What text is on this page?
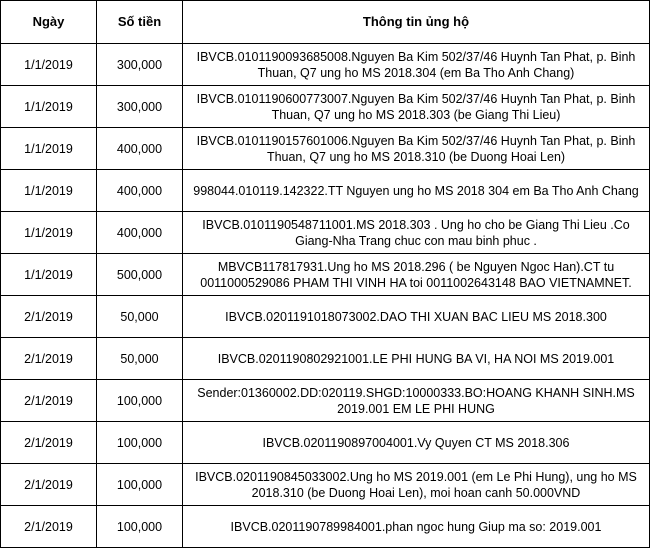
Ngày	Số tiền	Thông tin ủng hộ
1/1/2019	300,000	IBVCB.0101190093685008.Nguyen Ba Kim 502/37/46 Huynh Tan Phat, p. Binh Thuan, Q7 ung ho MS 2018.304 (em Ba Tho Anh Chang)
1/1/2019	300,000	IBVCB.0101190600773007.Nguyen Ba Kim 502/37/46 Huynh Tan Phat, p. Binh Thuan, Q7 ung ho MS 2018.303 (be Giang Thi Lieu)
1/1/2019	400,000	IBVCB.0101190157601006.Nguyen Ba Kim 502/37/46 Huynh Tan Phat, p. Binh Thuan, Q7 ung ho MS 2018.310 (be Duong Hoai Len)
1/1/2019	400,000	998044.010119.142322.TT Nguyen ung ho MS 2018 304 em Ba Tho Anh Chang
1/1/2019	400,000	IBVCB.0101190548711001.MS 2018.303 . Ung ho cho be Giang Thi Lieu .Co Giang-Nha Trang chuc con mau binh phuc .
1/1/2019	500,000	MBVCB117817931.Ung ho MS 2018.296 ( be Nguyen Ngoc Han).CT tu 0011000529086 PHAM THI VINH HA toi 0011002643148 BAO VIETNAMNET.
2/1/2019	50,000	IBVCB.0201191018073002.DAO THI XUAN BAC LIEU MS 2018.300
2/1/2019	50,000	IBVCB.0201190802921001.LE PHI HUNG BA VI, HA NOI MS 2019.001
2/1/2019	100,000	Sender:01360002.DD:020119.SHGD:10000333.BO:HOANG KHANH SINH.MS 2019.001 EM LE PHI HUNG
2/1/2019	100,000	IBVCB.0201190897004001.Vy Quyen CT MS 2018.306
2/1/2019	100,000	IBVCB.0201190845033002.Ung ho MS 2019.001 (em Le Phi Hung), ung ho MS 2018.310 (be Duong Hoai Len), moi hoan canh 50.000VND
2/1/2019	100,000	IBVCB.0201190789984001.phan ngoc hung Giup ma so: 2019.001
